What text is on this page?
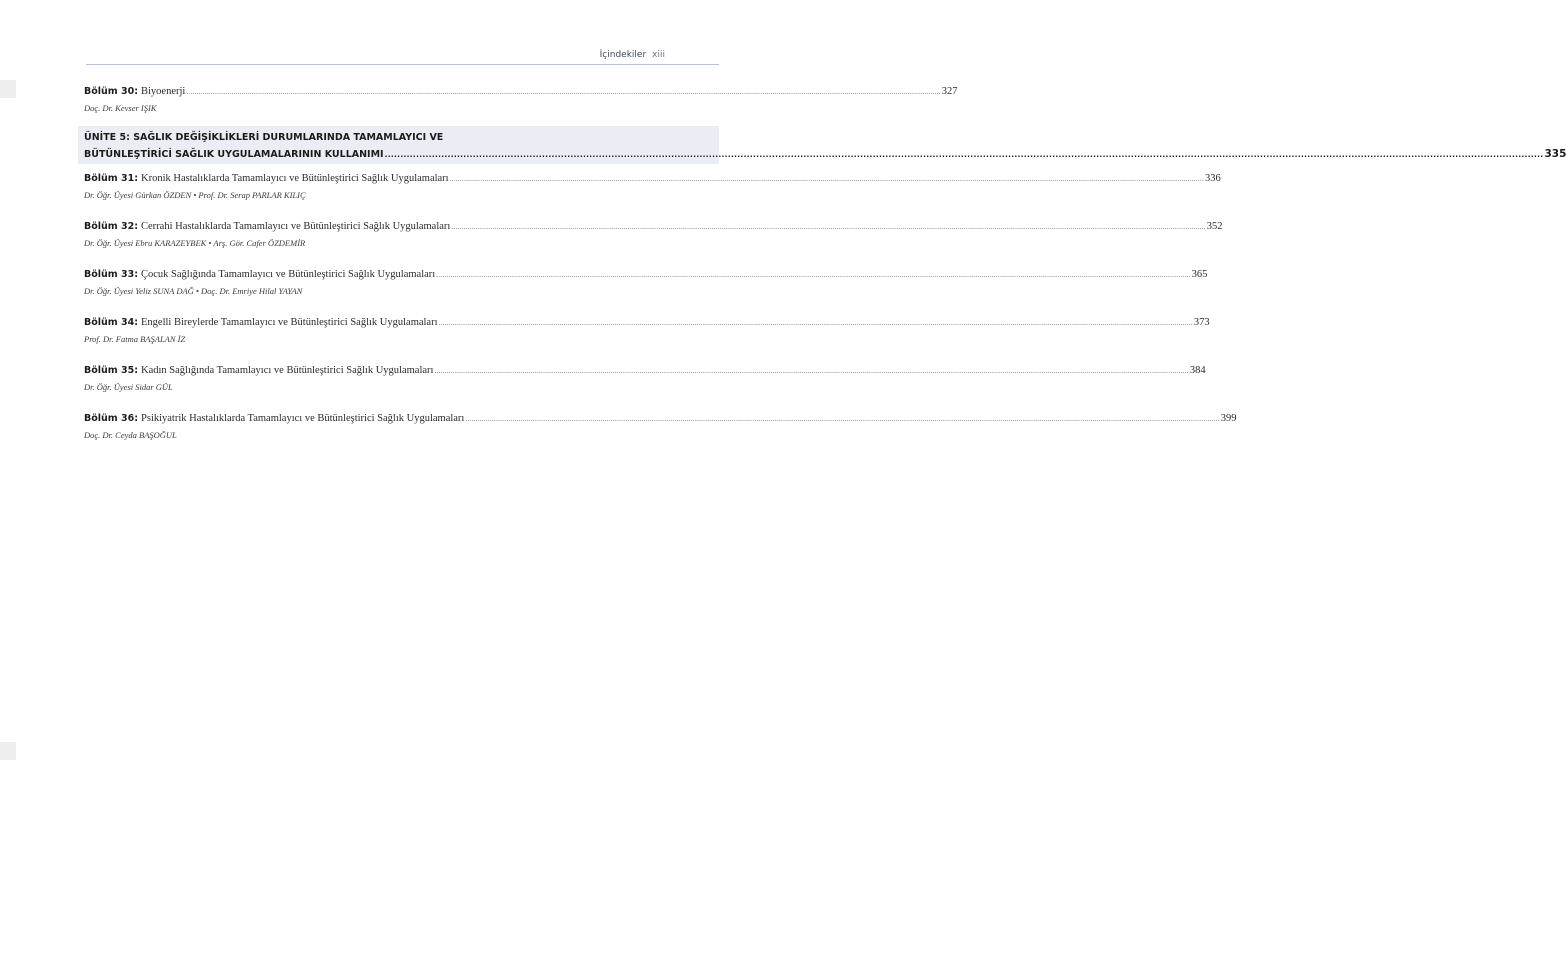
İçindekiler xiii
Bölüm 30: Biyoenerji .....	327
Doç. Dr. Kevser IŞIK
ÜNİTE 5: SAĞLIK DEĞİŞİKLİKLERİ DURUMLARINDA TAMAMLAYICI VE
BÜTÜNLEŞTİRİCİ SAĞLIK UYGULAMALARININ KULLANIMI .....	335
Bölüm 31: Kronik Hastalıklarda Tamamlayıcı ve Bütünleştirici Sağlık Uygulamaları .....	336
Dr. Öğr. Üyesi Gürkan ÖZDEN • Prof. Dr. Serap PARLAR KILIÇ
Bölüm 32: Cerrahi Hastalıklarda Tamamlayıcı ve Bütünleştirici Sağlık Uygulamaları .....	352
Dr. Öğr. Üyesi Ebru KARAZEYBEK • Arş. Gör. Cafer ÖZDEMİR
Bölüm 33: Çocuk Sağlığında Tamamlayıcı ve Bütünleştirici Sağlık Uygulamaları .....	365
Dr. Öğr. Üyesi Yeliz SUNA DAĞ • Doç. Dr. Emriye Hilal YAYAN
Bölüm 34: Engelli Bireylerde Tamamlayıcı ve Bütünleştirici Sağlık Uygulamaları .....	373
Prof. Dr. Fatma BAŞALAN İZ
Bölüm 35: Kadın Sağlığında Tamamlayıcı ve Bütünleştirici Sağlık Uygulamaları .....	384
Dr. Öğr. Üyesi Sidar GÜL
Bölüm 36: Psikiyatrik Hastalıklarda Tamamlayıcı ve Bütünleştirici Sağlık Uygulamaları .....	399
Doç. Dr. Ceyda BAŞOĞUL
